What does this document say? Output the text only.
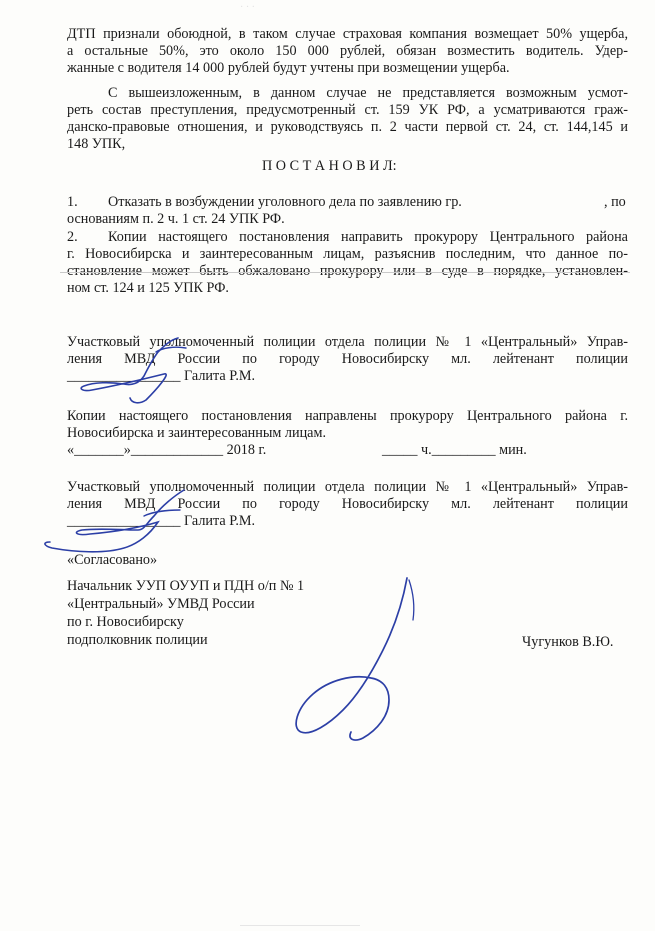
· · ·
ДТП признали обоюдной, в таком случае страховая компания возмещает 50% ущерба,
а остальные 50%, это около 150 000 рублей, обязан возместить водитель. Удер-
жанные с водителя 14 000 рублей будут учтены при возмещении ущерба.
С вышеизложенным, в данном случае не представляется возможным усмот-
реть состав преступления, предусмотренный ст. 159 УК РФ, а усматриваются граж-
данско-правовые отношения, и руководствуясь п. 2 части первой ст. 24, ст. 144,145 и
148 УПК,
П О С Т А Н О В И Л:
1. Отказать в возбуждении уголовного дела по заявлению гр.	, по
основаниям п. 2 ч. 1 ст. 24 УПК РФ.
2. Копии настоящего постановления направить прокурору Центрального района
г. Новосибирска и заинтересованным лицам, разъяснив последним, что данное по-
становление может быть обжаловано прокурору или в суде в порядке, установлен-
ном ст. 124 и 125 УПК РФ.
Участковый уполномоченный полиции отдела полиции № 1 «Центральный» Управ-
ления МВД России по городу Новосибирску мл. лейтенант полиции
________________ Галита Р.М.
Копии настоящего постановления направлены прокурору Центрального района г.
Новосибирска и заинтересованным лицам.
«_______»_____________ 2018 г.	_____ ч._________ мин.
Участковый уполномоченный полиции отдела полиции № 1 «Центральный» Управ-
ления МВД России по городу Новосибирску мл. лейтенант полиции
________________ Галита Р.М.
«Согласовано»
Начальник УУП ОУУП и ПДН о/п № 1
«Центральный» УМВД России
по г. Новосибирску
подполковник полиции	Чугунков В.Ю.
